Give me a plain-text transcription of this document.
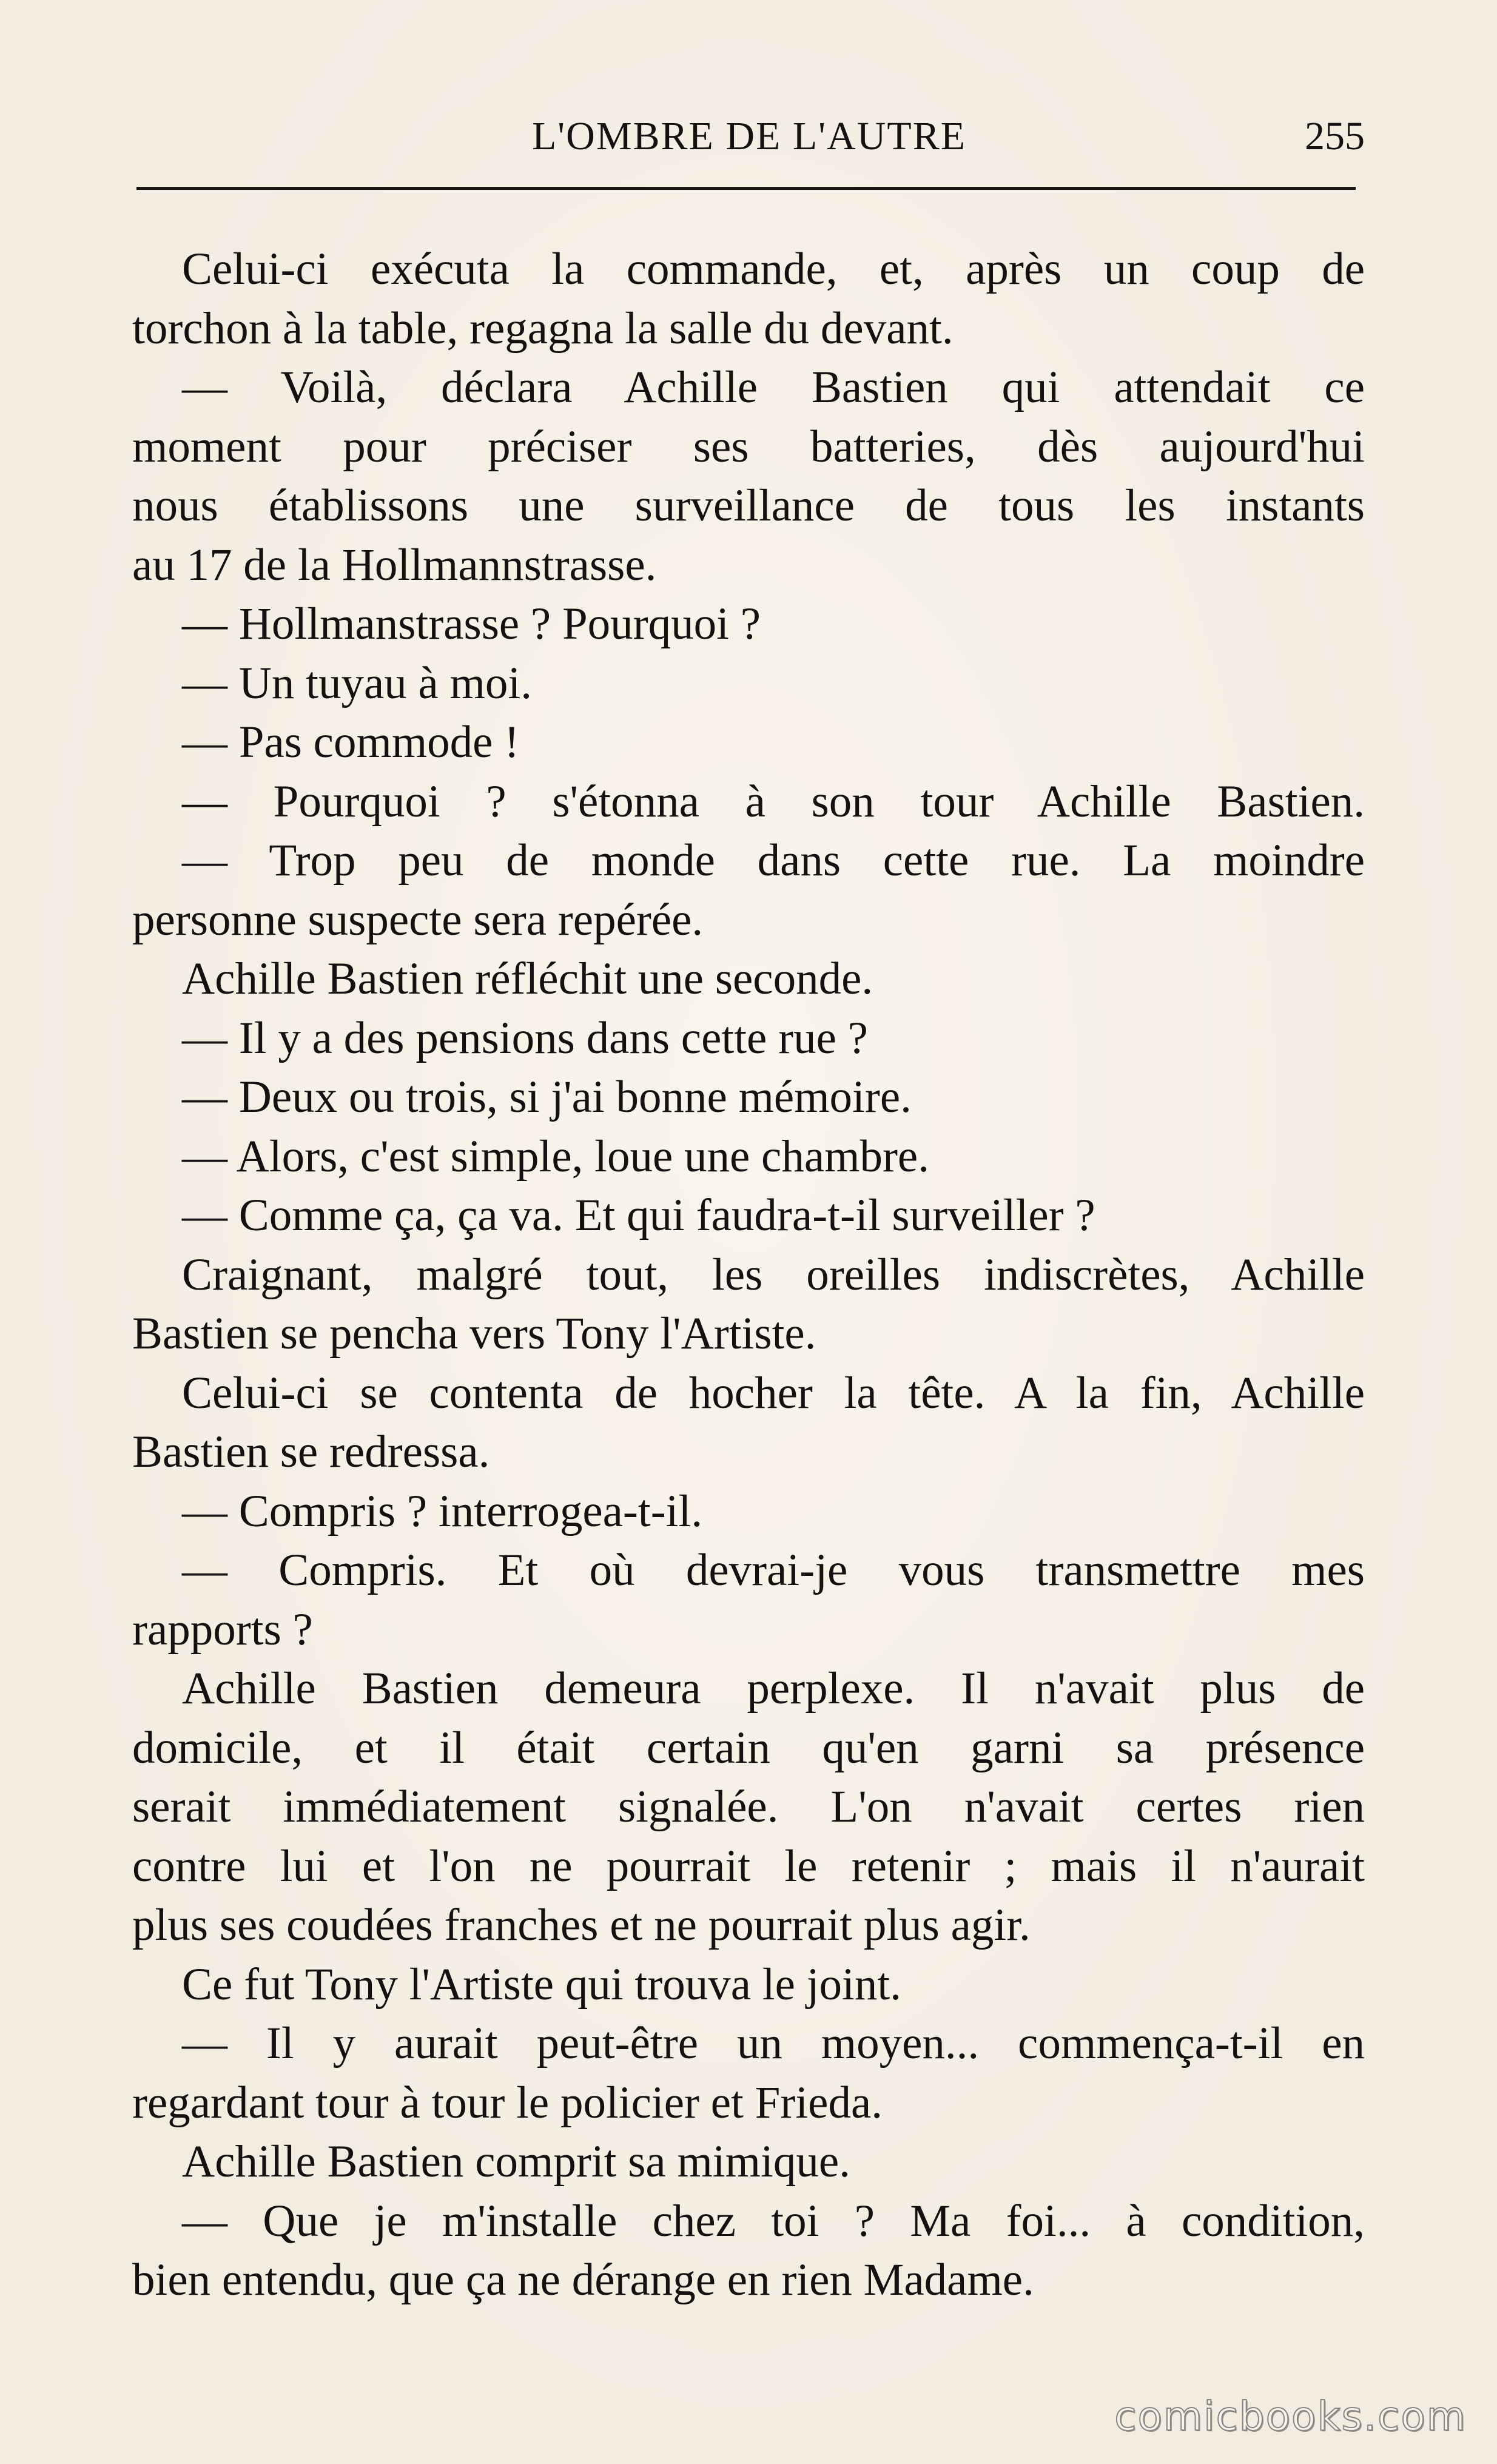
L'OMBRE DE L'AUTRE	255
Celui-ci exécuta la commande, et, après un coup de
torchon à la table, regagna la salle du devant.
— Voilà, déclara Achille Bastien qui attendait ce
moment pour préciser ses batteries, dès aujourd'hui
nous établissons une surveillance de tous les instants
au 17 de la Hollmannstrasse.
— Hollmanstrasse ? Pourquoi ?
— Un tuyau à moi.
— Pas commode !
— Pourquoi ? s'étonna à son tour Achille Bastien.
— Trop peu de monde dans cette rue. La moindre
personne suspecte sera repérée.
Achille Bastien réfléchit une seconde.
— Il y a des pensions dans cette rue ?
— Deux ou trois, si j'ai bonne mémoire.
— Alors, c'est simple, loue une chambre.
— Comme ça, ça va. Et qui faudra-t-il surveiller ?
Craignant, malgré tout, les oreilles indiscrètes, Achille
Bastien se pencha vers Tony l'Artiste.
Celui-ci se contenta de hocher la tête. A la fin, Achille
Bastien se redressa.
— Compris ? interrogea-t-il.
— Compris. Et où devrai-je vous transmettre mes
rapports ?
Achille Bastien demeura perplexe. Il n'avait plus de
domicile, et il était certain qu'en garni sa présence
serait immédiatement signalée. L'on n'avait certes rien
contre lui et l'on ne pourrait le retenir ; mais il n'aurait
plus ses coudées franches et ne pourrait plus agir.
Ce fut Tony l'Artiste qui trouva le joint.
— Il y aurait peut-être un moyen... commença-t-il en
regardant tour à tour le policier et Frieda.
Achille Bastien comprit sa mimique.
— Que je m'installe chez toi ? Ma foi... à condition,
bien entendu, que ça ne dérange en rien Madame.
comicbooks.com
